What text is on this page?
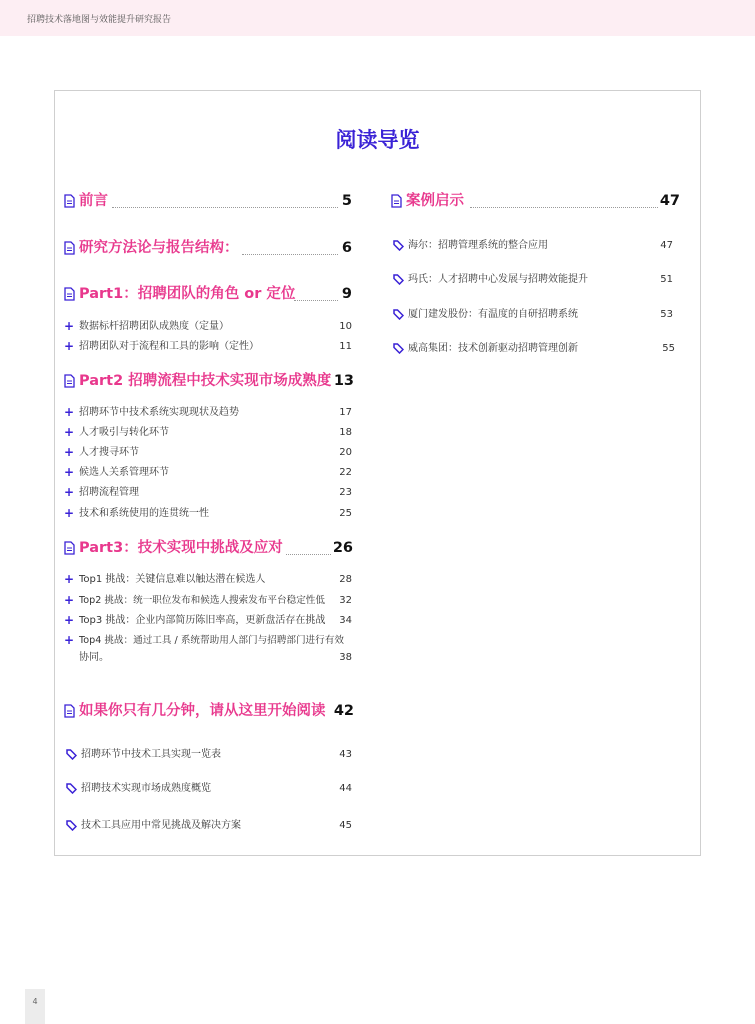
招聘技术落地图与效能提升研究报告
阅读导览
前言	5
研究方法论与报告结构：	6
Part1：招聘团队的角色 or 定位	9
+ 数据标杆招聘团队成熟度（定量）	10
+ 招聘团队对于流程和工具的影响（定性）	11
Part2 招聘流程中技术实现市场成熟度 13
+ 招聘环节中技术系统实现现状及趋势	17
+ 人才吸引与转化环节	18
+ 人才搜寻环节	20
+ 候选人关系管理环节	22
+ 招聘流程管理	23
+ 技术和系统使用的连贯统一性	25
Part3：技术实现中挑战及应对	26
+ Top1 挑战：关键信息难以触达潜在候选人	28
+ Top2 挑战：统一职位发布和候选人搜索发布平台稳定性低 32
+ Top3 挑战：企业内部简历陈旧率高，更新盘活存在挑战 34
+ Top4 挑战：通过工具 / 系统帮助用人部门与招聘部门进行有效
协同。	38
如果你只有几分钟，请从这里开始阅读 42
招聘环节中技术工具实现一览表	43
招聘技术实现市场成熟度概览	44
技术工具应用中常见挑战及解决方案	45
案例启示	47
海尔：招聘管理系统的整合应用	47
玛氏：人才招聘中心发展与招聘效能提升	51
厦门建发股份：有温度的自研招聘系统	53
威高集团：技术创新驱动招聘管理创新	55
4
